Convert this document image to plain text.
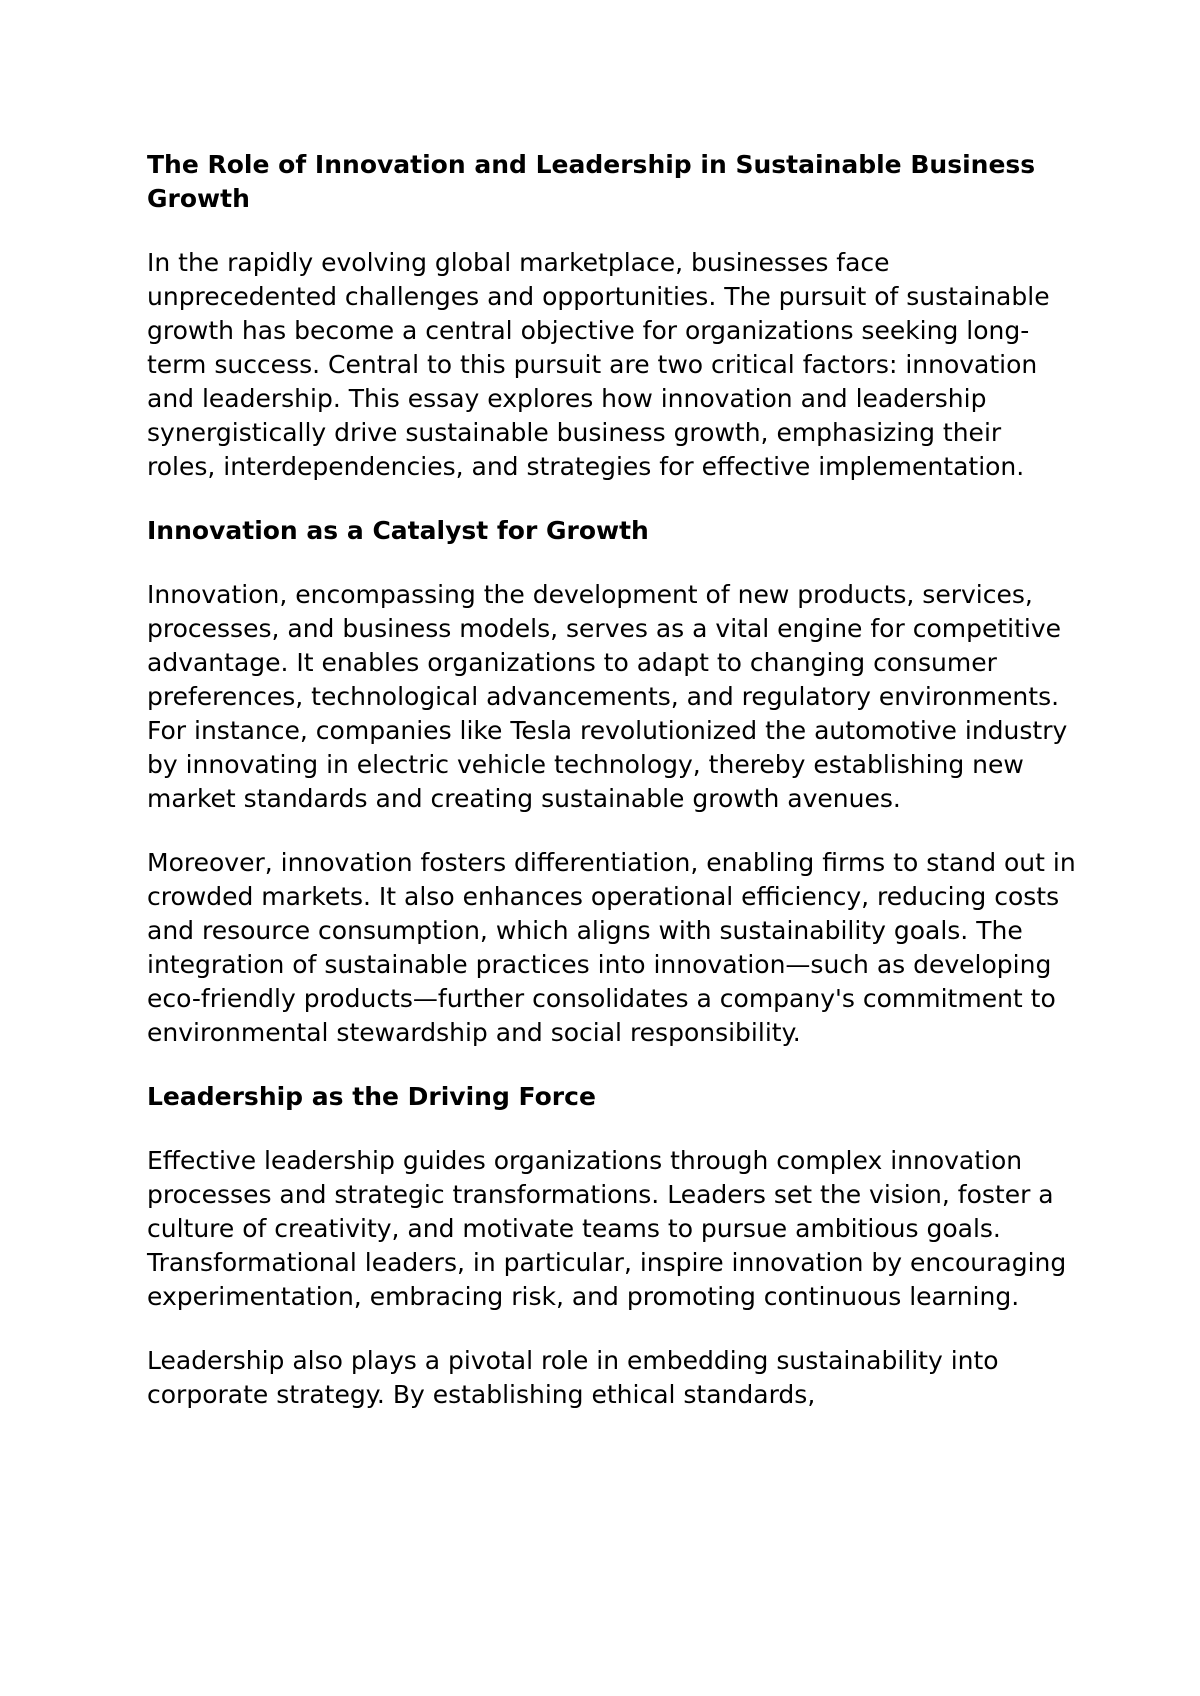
The Role of Innovation and Leadership in Sustainable Business Growth

In the rapidly evolving global marketplace, businesses face unprecedented challenges and opportunities. The pursuit of sustainable growth has become a central objective for organizations seeking long-term success. Central to this pursuit are two critical factors: innovation and leadership. This essay explores how innovation and leadership synergistically drive sustainable business growth, emphasizing their roles, interdependencies, and strategies for effective implementation.

Innovation as a Catalyst for Growth

Innovation, encompassing the development of new products, services, processes, and business models, serves as a vital engine for competitive advantage. It enables organizations to adapt to changing consumer preferences, technological advancements, and regulatory environments. For instance, companies like Tesla revolutionized the automotive industry by innovating in electric vehicle technology, thereby establishing new market standards and creating sustainable growth avenues.

Moreover, innovation fosters differentiation, enabling firms to stand out in crowded markets. It also enhances operational efficiency, reducing costs and resource consumption, which aligns with sustainability goals. The integration of sustainable practices into innovation—such as developing eco-friendly products—further consolidates a company's commitment to environmental stewardship and social responsibility.

Leadership as the Driving Force

Effective leadership guides organizations through complex innovation processes and strategic transformations. Leaders set the vision, foster a culture of creativity, and motivate teams to pursue ambitious goals. Transformational leaders, in particular, inspire innovation by encouraging experimentation, embracing risk, and promoting continuous learning.

Leadership also plays a pivotal role in embedding sustainability into corporate strategy. By establishing ethical standards,
